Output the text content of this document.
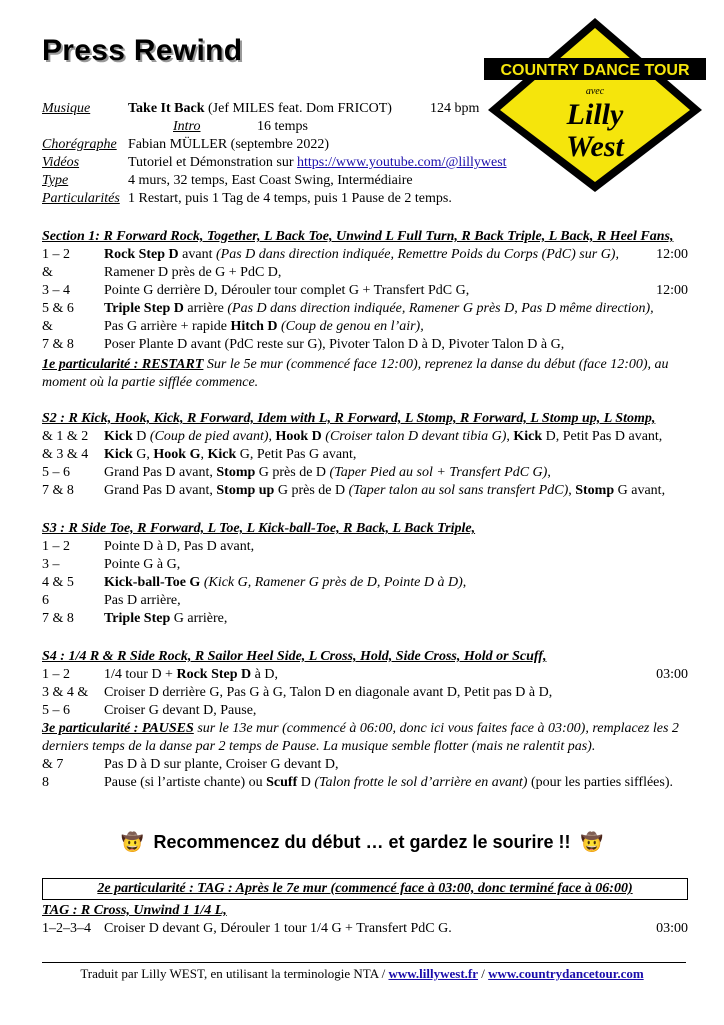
Press Rewind
COUNTRY DANCE TOUR
avec
Lilly
West
Musique	Take It Back (Jef MILES feat. Dom FRICOT)	124 bpm
Intro	16 temps
Chorégraphe Fabian MÜLLER (septembre 2022)
Vidéos	Tutoriel et Démonstration sur https://www.youtube.com/@lillywest
Type	4 murs, 32 temps, East Coast Swing, Intermédiaire
Particularités 1 Restart, puis 1 Tag de 4 temps, puis 1 Pause de 2 temps.
Section 1: R Forward Rock, Together, L Back Toe, Unwind L Full Turn, R Back Triple, L Back, R Heel Fans,
1 – 2 Rock Step D avant (Pas D dans direction indiquée, Remettre Poids du Corps (PdC) sur G),	12:00
&	Ramener D près de G + PdC D,
3 – 4 Pointe G derrière D, Dérouler tour complet G + Transfert PdC G,	12:00
5 & 6 Triple Step D arrière (Pas D dans direction indiquée, Ramener G près D, Pas D même direction),
&	Pas G arrière + rapide Hitch D (Coup de genou en l’air),
7 & 8 Poser Plante D avant (PdC reste sur G), Pivoter Talon D à D, Pivoter Talon D à G,
1e particularité : RESTART Sur le 5e mur (commencé face 12:00), reprenez la danse du début (face 12:00), au moment où la partie sifflée commence.
S2 : R Kick, Hook, Kick, R Forward, Idem with L, R Forward, L Stomp, R Forward, L Stomp up, L Stomp,
& 1 & 2 Kick D (Coup de pied avant), Hook D (Croiser talon D devant tibia G), Kick D, Petit Pas D avant,
& 3 & 4 Kick G, Hook G, Kick G, Petit Pas G avant,
5 – 6 Grand Pas D avant, Stomp G près de D (Taper Pied au sol + Transfert PdC G),
7 & 8 Grand Pas D avant, Stomp up G près de D (Taper talon au sol sans transfert PdC), Stomp G avant,
S3 : R Side Toe, R Forward, L Toe, L Kick-ball-Toe, R Back, L Back Triple,
1 – 2 Pointe D à D, Pas D avant,
3 –	Pointe G à G,
4 & 5 Kick-ball-Toe G (Kick G, Ramener G près de D, Pointe D à D),
6	Pas D arrière,
7 & 8 Triple Step G arrière,
S4 : 1/4 R & R Side Rock, R Sailor Heel Side, L Cross, Hold, Side Cross, Hold or Scuff,
1 – 2 1/4 tour D + Rock Step D à D,	03:00
3 & 4 & Croiser D derrière G, Pas G à G, Talon D en diagonale avant D, Petit pas D à D,
5 – 6 Croiser G devant D, Pause,
3e particularité : PAUSES sur le 13e mur (commencé à 06:00, donc ici vous faites face à 03:00), remplacez les 2 derniers temps de la danse par 2 temps de Pause. La musique semble flotter (mais ne ralentit pas).
& 7	Pas D à D sur plante, Croiser G devant D,
8	Pause (si l’artiste chante) ou Scuff D (Talon frotte le sol d’arrière en avant) (pour les parties sifflées).
🤠 Recommencez du début … et gardez le sourire !! 🤠
2e particularité : TAG : Après le 7e mur (commencé face à 03:00, donc terminé face à 06:00)
TAG : R Cross, Unwind 1 1/4 L,
1–2–3–4 Croiser D devant G, Dérouler 1 tour 1/4 G + Transfert PdC G.	03:00
Traduit par Lilly WEST, en utilisant la terminologie NTA / www.lillywest.fr / www.countrydancetour.com
